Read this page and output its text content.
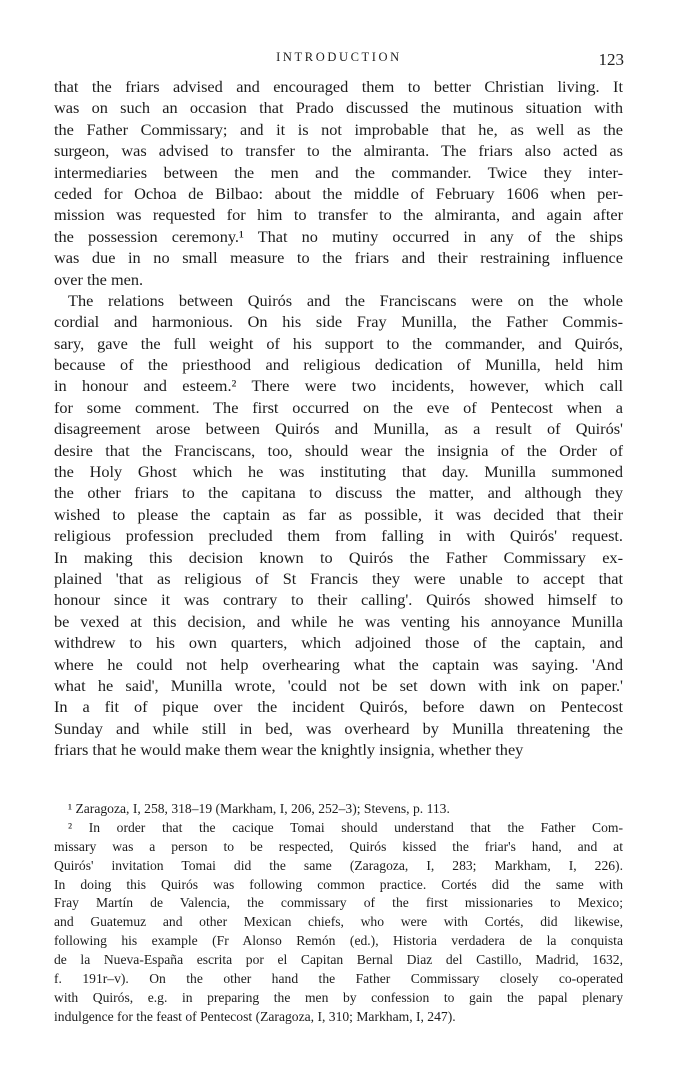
INTRODUCTION	123
that the friars advised and encouraged them to better Christian living. It
was on such an occasion that Prado discussed the mutinous situation with
the Father Commissary; and it is not improbable that he, as well as the
surgeon, was advised to transfer to the almiranta. The friars also acted as
intermediaries between the men and the commander. Twice they inter-
ceded for Ochoa de Bilbao: about the middle of February 1606 when per-
mission was requested for him to transfer to the almiranta, and again after
the possession ceremony.¹ That no mutiny occurred in any of the ships
was due in no small measure to the friars and their restraining influence
over the men.
The relations between Quirós and the Franciscans were on the whole
cordial and harmonious. On his side Fray Munilla, the Father Commis-
sary, gave the full weight of his support to the commander, and Quirós,
because of the priesthood and religious dedication of Munilla, held him
in honour and esteem.² There were two incidents, however, which call
for some comment. The first occurred on the eve of Pentecost when a
disagreement arose between Quirós and Munilla, as a result of Quirós'
desire that the Franciscans, too, should wear the insignia of the Order of
the Holy Ghost which he was instituting that day. Munilla summoned
the other friars to the capitana to discuss the matter, and although they
wished to please the captain as far as possible, it was decided that their
religious profession precluded them from falling in with Quirós' request.
In making this decision known to Quirós the Father Commissary ex-
plained 'that as religious of St Francis they were unable to accept that
honour since it was contrary to their calling'. Quirós showed himself to
be vexed at this decision, and while he was venting his annoyance Munilla
withdrew to his own quarters, which adjoined those of the captain, and
where he could not help overhearing what the captain was saying. 'And
what he said', Munilla wrote, 'could not be set down with ink on paper.'
In a fit of pique over the incident Quirós, before dawn on Pentecost
Sunday and while still in bed, was overheard by Munilla threatening the
friars that he would make them wear the knightly insignia, whether they
¹ Zaragoza, I, 258, 318–19 (Markham, I, 206, 252–3); Stevens, p. 113.
² In order that the cacique Tomai should understand that the Father Com-
missary was a person to be respected, Quirós kissed the friar's hand, and at
Quirós' invitation Tomai did the same (Zaragoza, I, 283; Markham, I, 226).
In doing this Quirós was following common practice. Cortés did the same with
Fray Martín de Valencia, the commissary of the first missionaries to Mexico;
and Guatemuz and other Mexican chiefs, who were with Cortés, did likewise,
following his example (Fr Alonso Remón (ed.), Historia verdadera de la conquista
de la Nueva-España escrita por el Capitan Bernal Diaz del Castillo, Madrid, 1632,
f. 191r–v). On the other hand the Father Commissary closely co-operated
with Quirós, e.g. in preparing the men by confession to gain the papal plenary
indulgence for the feast of Pentecost (Zaragoza, I, 310; Markham, I, 247).
